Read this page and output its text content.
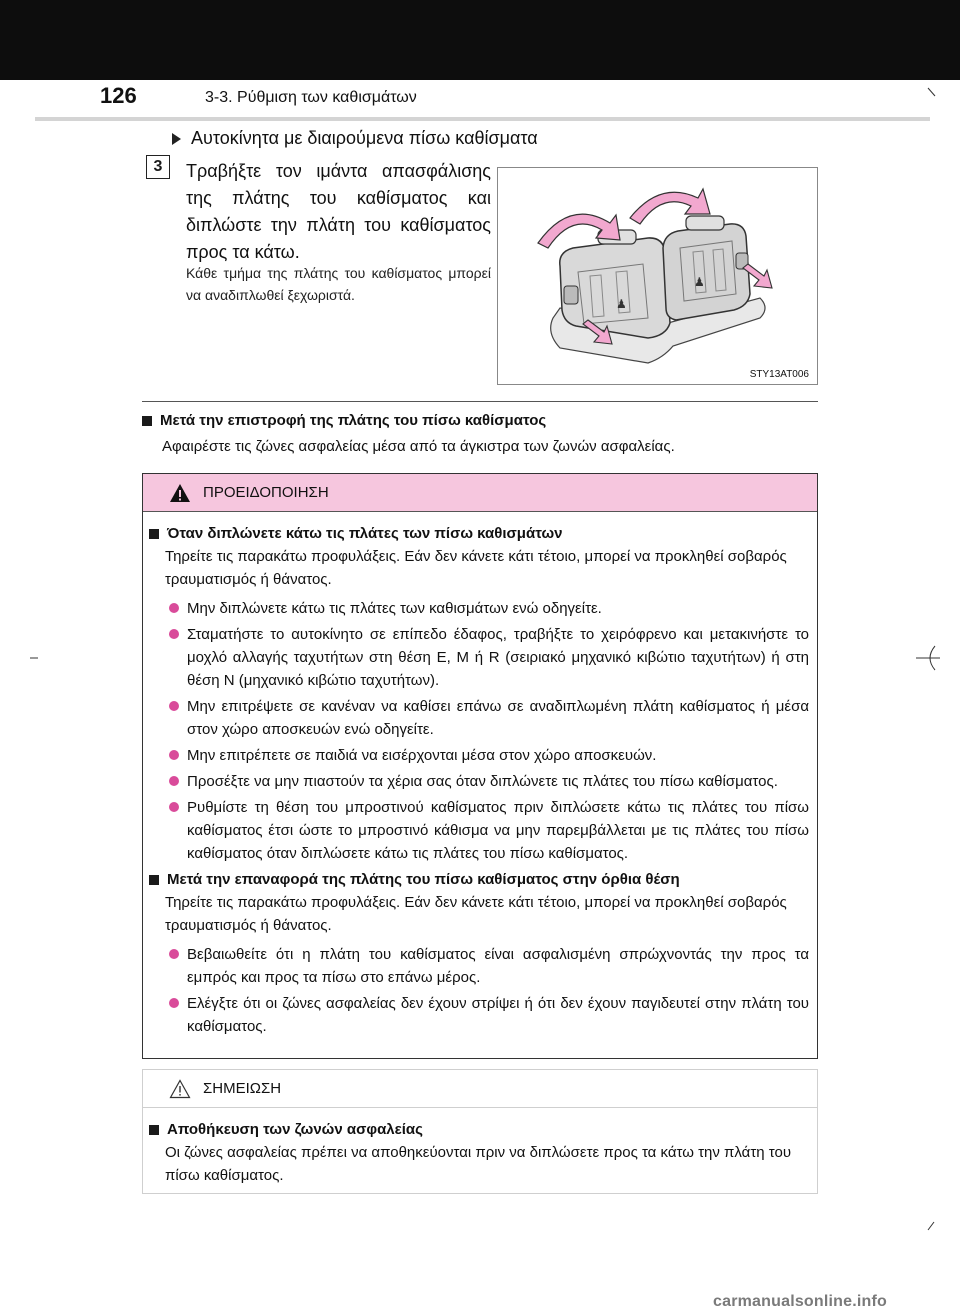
126	3-3. Ρύθμιση των καθισμάτων
Αυτοκίνητα με διαιρούμενα πίσω καθίσματα
3	Τραβήξτε τον ιμάντα απασφάλισης της πλάτης του καθίσματος και διπλώστε την πλάτη του καθίσματος προς τα κάτω.
Κάθε τμήμα της πλάτης του καθίσματος μπορεί να αναδιπλωθεί ξεχωριστά.
♟
♟
STY13AT006
Μετά την επιστροφή της πλάτης του πίσω καθίσματος
Αφαιρέστε τις ζώνες ασφαλείας μέσα από τα άγκιστρα των ζωνών ασφαλείας.
ΠΡΟΕΙΔΟΠΟΙΗΣΗ
Όταν διπλώνετε κάτω τις πλάτες των πίσω καθισμάτων
Τηρείτε τις παρακάτω προφυλάξεις. Εάν δεν κάνετε κάτι τέτοιο, μπορεί να προκληθεί σοβαρός τραυματισμός ή θάνατος.
Μην διπλώνετε κάτω τις πλάτες των καθισμάτων ενώ οδηγείτε.
Σταματήστε το αυτοκίνητο σε επίπεδο έδαφος, τραβήξτε το χειρόφρενο και μετακινήστε το μοχλό αλλαγής ταχυτήτων στη θέση Ε, Μ ή R (σειριακό μηχανικό κιβώτιο ταχυτήτων) ή στη θέση Ν (μηχανικό κιβώτιο ταχυτήτων).
Μην επιτρέψετε σε κανέναν να καθίσει επάνω σε αναδιπλωμένη πλάτη καθίσματος ή μέσα στον χώρο αποσκευών ενώ οδηγείτε.
Μην επιτρέπετε σε παιδιά να εισέρχονται μέσα στον χώρο αποσκευών.
Προσέξτε να μην πιαστούν τα χέρια σας όταν διπλώνετε τις πλάτες του πίσω καθίσματος.
Ρυθμίστε τη θέση του μπροστινού καθίσματος πριν διπλώσετε κάτω τις πλάτες του πίσω καθίσματος έτσι ώστε το μπροστινό κάθισμα να μην παρεμβάλλεται με τις πλάτες του πίσω καθίσματος όταν διπλώσετε κάτω τις πλάτες του πίσω καθίσματος.
Μετά την επαναφορά της πλάτης του πίσω καθίσματος στην όρθια θέση
Τηρείτε τις παρακάτω προφυλάξεις. Εάν δεν κάνετε κάτι τέτοιο, μπορεί να προκληθεί σοβαρός τραυματισμός ή θάνατος.
Βεβαιωθείτε ότι η πλάτη του καθίσματος είναι ασφαλισμένη σπρώχνοντάς την προς τα εμπρός και προς τα πίσω στο επάνω μέρος.
Ελέγξτε ότι οι ζώνες ασφαλείας δεν έχουν στρίψει ή ότι δεν έχουν παγιδευτεί στην πλάτη του καθίσματος.
ΣΗΜΕΙΩΣΗ
Αποθήκευση των ζωνών ασφαλείας
Οι ζώνες ασφαλείας πρέπει να αποθηκεύονται πριν να διπλώσετε προς τα κάτω την πλάτη του πίσω καθίσματος.
carmanualsonline.info
